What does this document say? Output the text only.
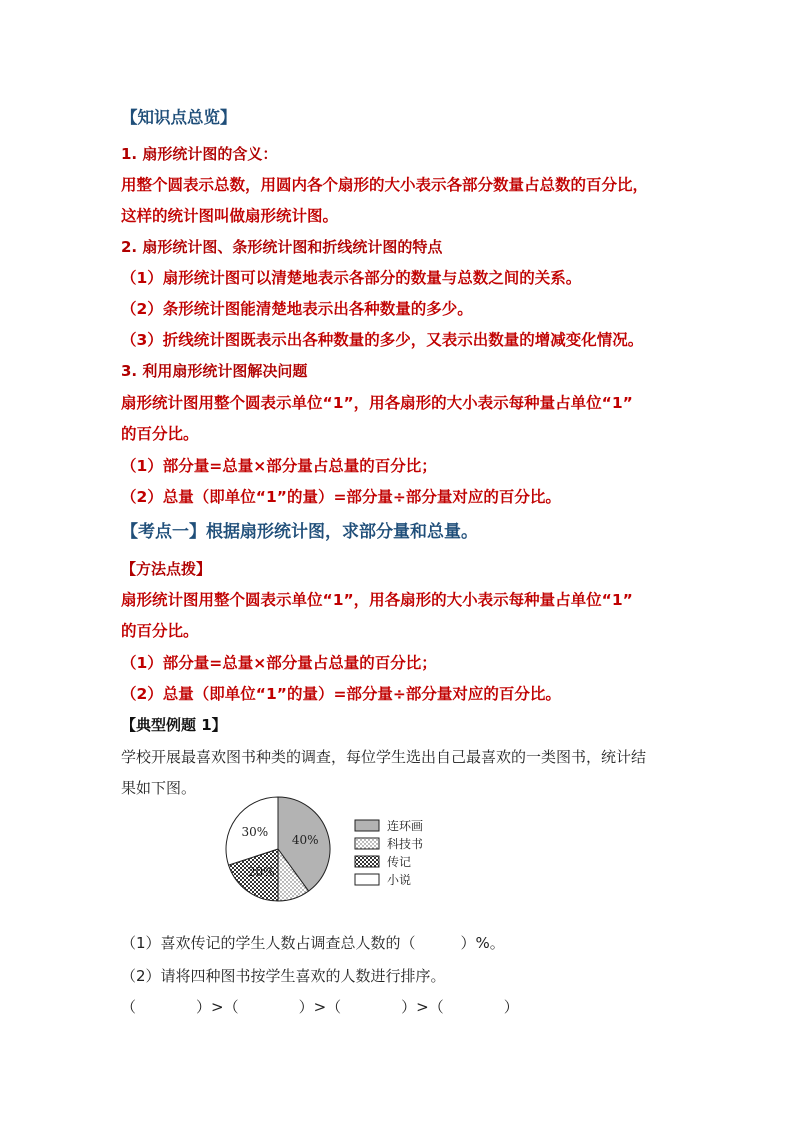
【知识点总览】
1. 扇形统计图的含义：
用整个圆表示总数，用圆内各个扇形的大小表示各部分数量占总数的百分比，
这样的统计图叫做扇形统计图。
2. 扇形统计图、条形统计图和折线统计图的特点
（1）扇形统计图可以清楚地表示各部分的数量与总数之间的关系。
（2）条形统计图能清楚地表示出各种数量的多少。
（3）折线统计图既表示出各种数量的多少，又表示出数量的增减变化情况。
3. 利用扇形统计图解决问题
扇形统计图用整个圆表示单位“1”，用各扇形的大小表示每种量占单位“1”
的百分比。
（1）部分量=总量×部分量占总量的百分比；
（2）总量（即单位“1”的量）=部分量÷部分量对应的百分比。
【考点一】根据扇形统计图，求部分量和总量。
【方法点拨】
扇形统计图用整个圆表示单位“1”，用各扇形的大小表示每种量占单位“1”
的百分比。
（1）部分量=总量×部分量占总量的百分比；
（2）总量（即单位“1”的量）=部分量÷部分量对应的百分比。
【典型例题 1】
学校开展最喜欢图书种类的调查，每位学生选出自己最喜欢的一类图书，统计结
果如下图。
40%
20%
30%	连环画
科技书
传记
小说
（1）喜欢传记的学生人数占调查总人数的（　　　）%。
（2）请将四种图书按学生喜欢的人数进行排序。
（　　　　）>（　　　　）>（　　　　）>（　　　　）
